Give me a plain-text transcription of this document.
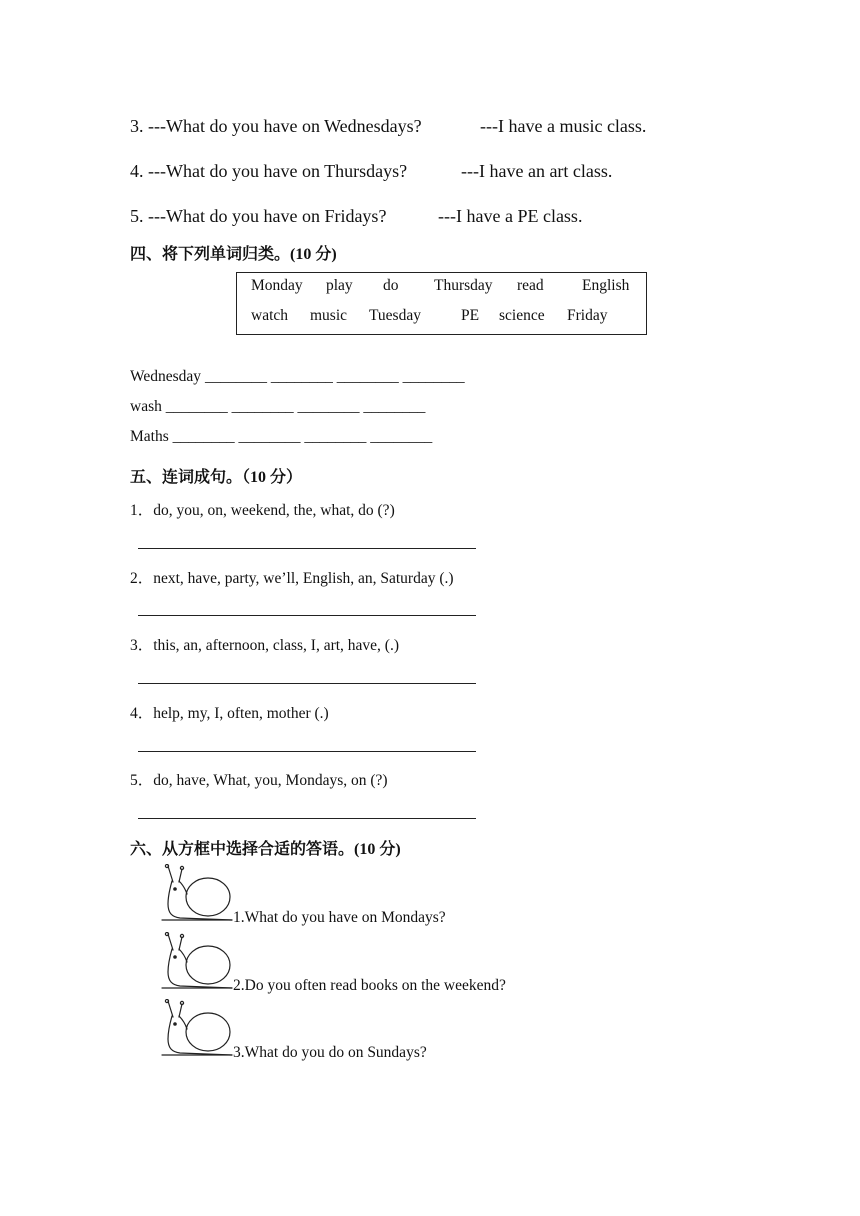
3. ---What do you have on Wednesdays?	---I have a music class.
4. ---What do you have on Thursdays?	---I have an art class.
5. ---What do you have on Fridays?	---I have a PE class.
四、将下列单词归类。(10 分)
Monday play do Thursday read English
watch music Tuesday	PE science Friday
Wednesday ________ ________ ________ ________
wash ________ ________ ________ ________
Maths ________ ________ ________ ________
五、连词成句。（10 分）
1．do, you, on, weekend, the, what, do (?)
2．next, have, party, we’ll, English, an, Saturday (.)
3．this, an, afternoon, class, I, art, have, (.)
4．help, my, I, often, mother (.)
5．do, have, What, you, Mondays, on (?)
六、从方框中选择合适的答语。(10 分)
1.What do you have on Mondays?
2.Do you often read books on the weekend?
3.What do you do on Sundays?
